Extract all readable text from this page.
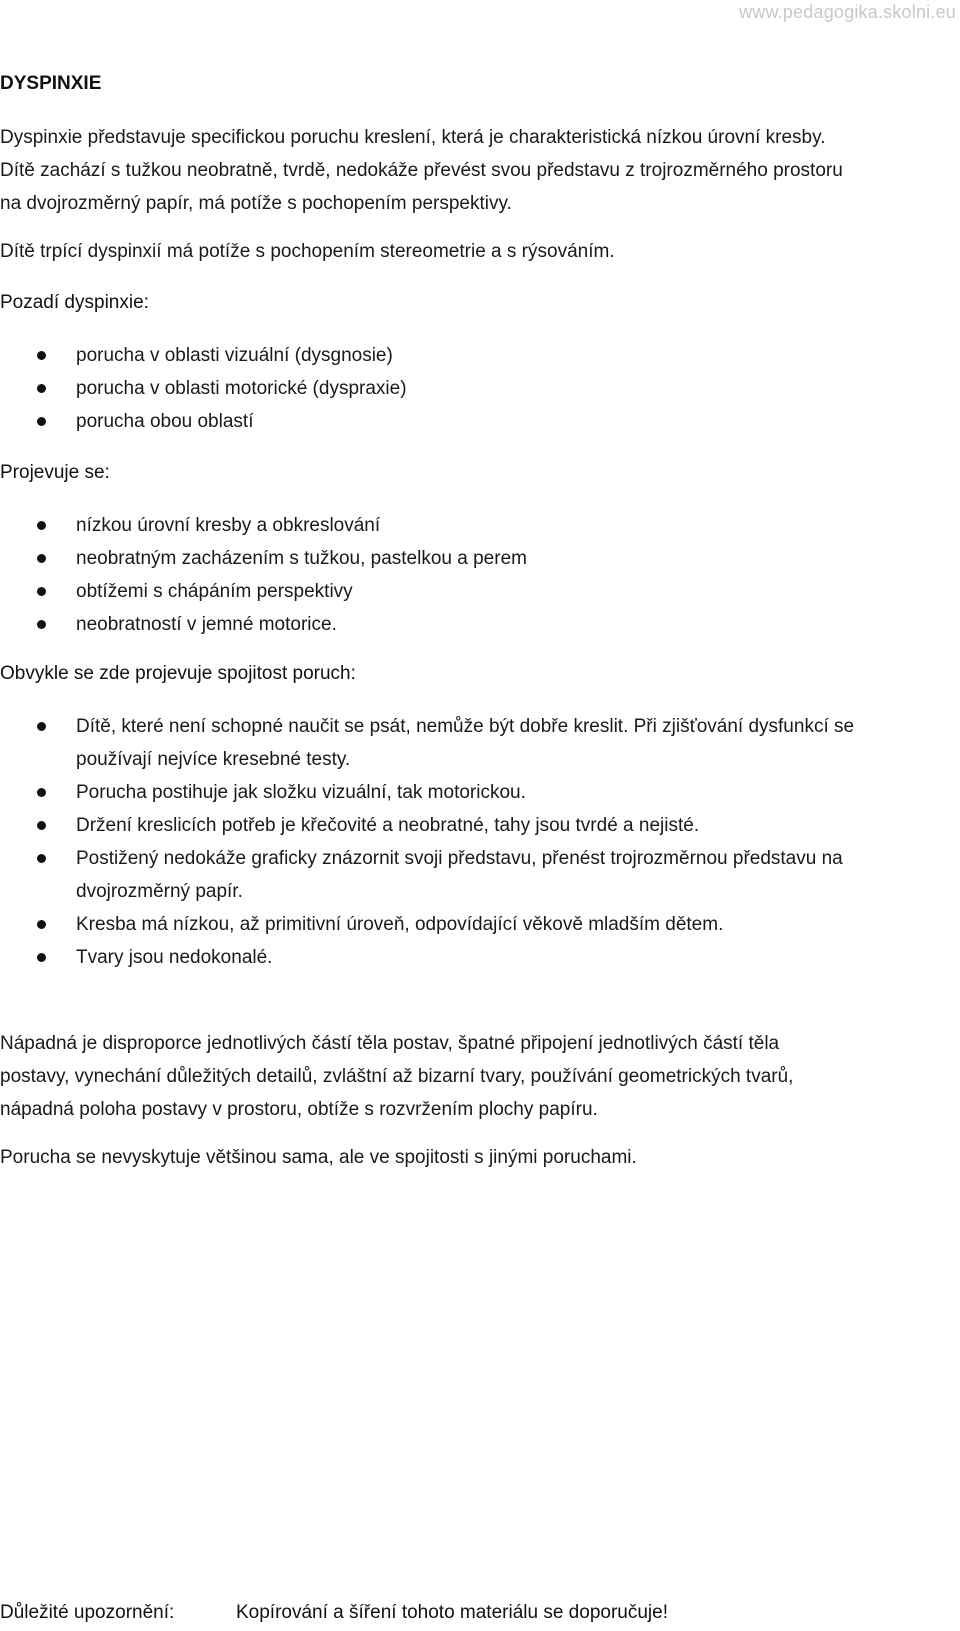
www.pedagogika.skolni.eu
DYSPINXIE
Dyspinxie představuje specifickou poruchu kreslení, která je charakteristická nízkou úrovní kresby.
Dítě zachází s tužkou neobratně, tvrdě, nedokáže převést svou představu z trojrozměrného prostoru
na dvojrozměrný papír, má potíže s pochopením perspektivy.
Dítě trpící dyspinxií má potíže s pochopením stereometrie a s rýsováním.
Pozadí dyspinxie:
porucha v oblasti vizuální (dysgnosie)
porucha v oblasti motorické (dyspraxie)
porucha obou oblastí
Projevuje se:
nízkou úrovní kresby a obkreslování
neobratným zacházením s tužkou, pastelkou a perem
obtížemi s chápáním perspektivy
neobratností v jemné motorice.
Obvykle se zde projevuje spojitost poruch:
Dítě, které není schopné naučit se psát, nemůže být dobře kreslit. Při zjišťování dysfunkcí se
používají nejvíce kresebné testy.
Porucha postihuje jak složku vizuální, tak motorickou.
Držení kreslicích potřeb je křečovité a neobratné, tahy jsou tvrdé a nejisté.
Postižený nedokáže graficky znázornit svoji představu, přenést trojrozměrnou představu na
dvojrozměrný papír.
Kresba má nízkou, až primitivní úroveň, odpovídající věkově mladším dětem.
Tvary jsou nedokonalé.
Nápadná je disproporce jednotlivých částí těla postav, špatné připojení jednotlivých částí těla
postavy, vynechání důležitých detailů, zvláštní až bizarní tvary, používání geometrických tvarů,
nápadná poloha postavy v prostoru, obtíže s rozvržením plochy papíru.
Porucha se nevyskytuje většinou sama, ale ve spojitosti s jinými poruchami.
Důležité upozornění:	Kopírování a šíření tohoto materiálu se doporučuje!
